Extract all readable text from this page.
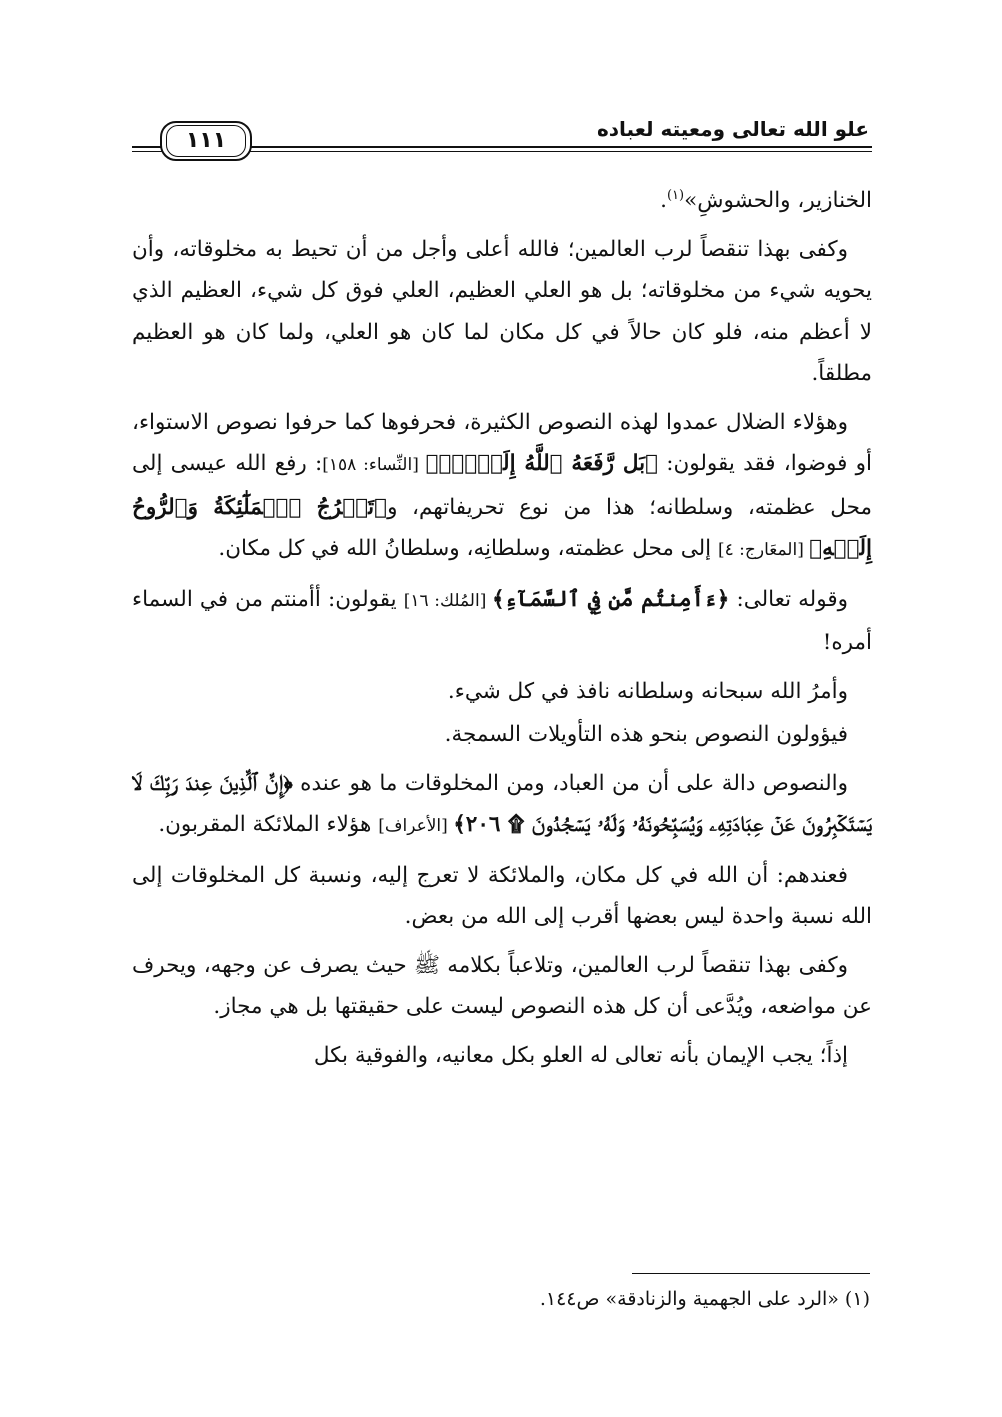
علو الله تعالى ومعيته لعباده
١١١

الخنازير، والحشوشِ»$^{(١)}$.

وكفى بهذا تنقصاً لرب العالمين؛ فالله أعلى وأجل من أن تحيط به مخلوقاته، وأن يحويه شيء من مخلوقاته؛ بل هو العلي العظيم، العلي فوق كل شيء، العظيم الذي لا أعظم منه، فلو كان حالاً في كل مكان لما كان هو العلي، ولما كان هو العظيم مطلقاً.

وهؤلاء الضلال عمدوا لهذه النصوص الكثيرة، فحرفوها كما حرفوا نصوص الاستواء، أو فوضوا، فقد يقولون: ﴿بَل رَّفَعَهُ ٱللَّهُ إِلَيۡهِۚ﴾ [النِّساء: ١٥٨]: رفع الله عيسى إلى محل عظمته، وسلطانه؛ هذا من نوع تحريفاتهم، و﴿تَعۡرُجُ ٱلۡمَلَٰٓئِكَةُ وَٱلرُّوحُ إِلَيۡهِ﴾ [المعَارج: ٤] إلى محل عظمته، وسلطانِه، وسلطانُ الله في كل مكان.

وقوله تعالى: ﴿ءَأَمِنتُم مَّن فِي ٱلسَّمَآءِ﴾ [المُلك: ١٦] يقولون: أأمنتم من في السماء أمره!

وأمرُ الله سبحانه وسلطانه نافذ في كل شيء.

فيؤولون النصوص بنحو هذه التأويلات السمجة.

والنصوص دالة على أن من العباد، ومن المخلوقات ما هو عنده ﴿إِنَّ ٱلَّذِينَ عِندَ رَبِّكَ لَا يَسۡتَكۡبِرُونَ عَنۡ عِبَادَتِهِۦ وَيُسَبِّحُونَهُۥ وَلَهُۥ يَسۡجُدُونَ ۩ ٢٠٦﴾ [الأعراف] هؤلاء الملائكة المقربون.

فعندهم: أن الله في كل مكان، والملائكة لا تعرج إليه، ونسبة كل المخلوقات إلى الله نسبة واحدة ليس بعضها أقرب إلى الله من بعض.

وكفى بهذا تنقصاً لرب العالمين، وتلاعباً بكلامه ﷺ حيث يصرف عن وجهه، ويحرف عن مواضعه، ويُدَّعى أن كل هذه النصوص ليست على حقيقتها بل هي مجاز.

إذاً؛ يجب الإيمان بأنه تعالى له العلو بكل معانيه، والفوقية بكل

(١) «الرد على الجهمية والزنادقة» ص١٤٤.
